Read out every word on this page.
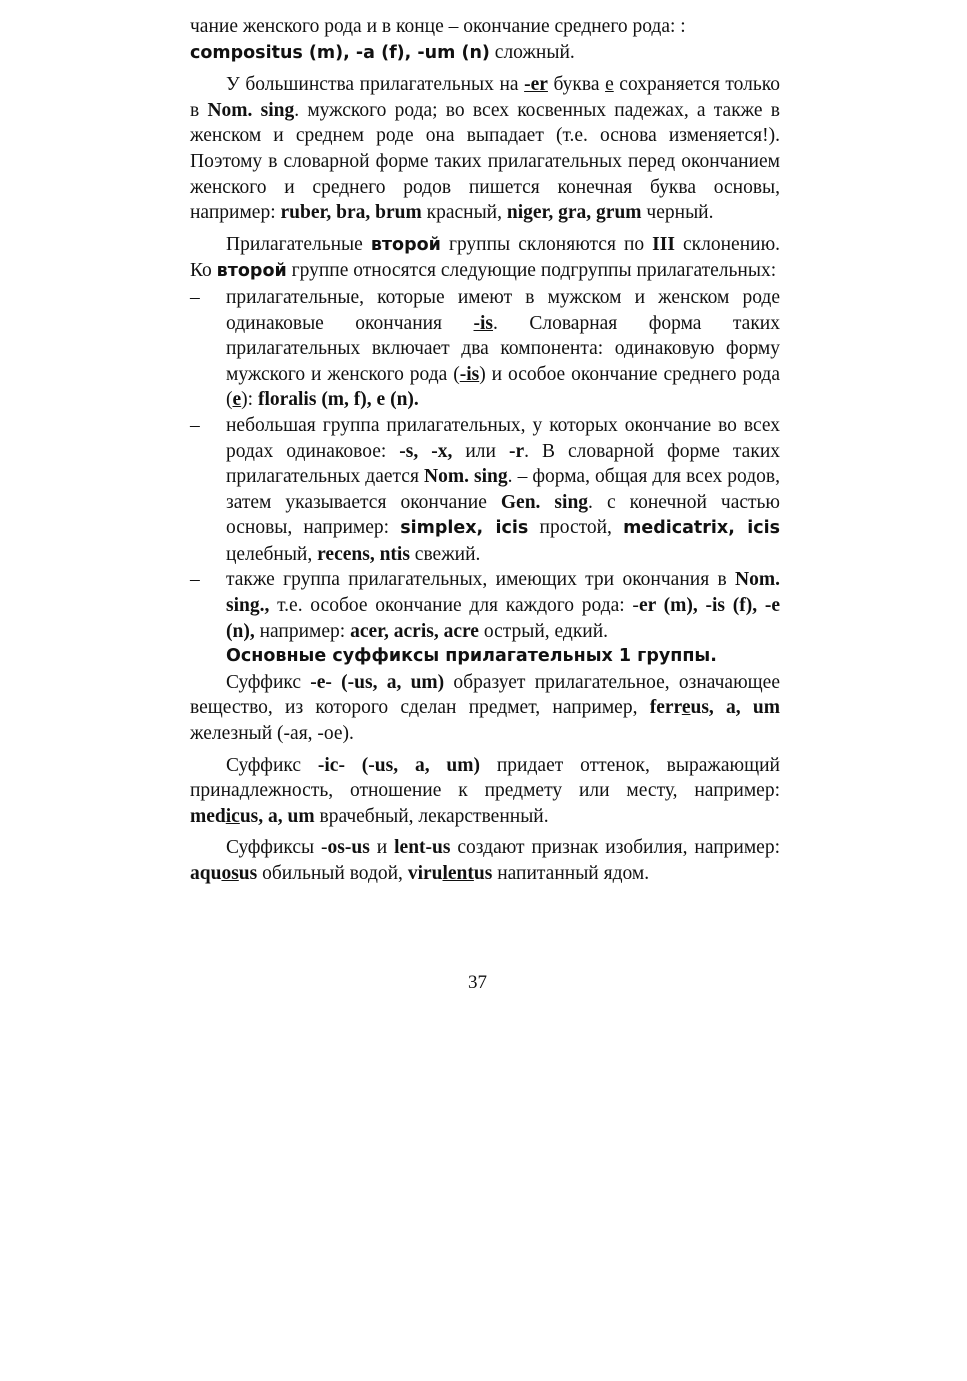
чание женского рода и в конце – окончание среднего рода: :
compositus (m), -a (f), -um (n) сложный.

У большинства прилагательных на -er буква e сохраняется только в Nom. sing. мужского рода; во всех косвенных падежах, а также в женском и среднем роде она выпадает (т.е. основа изменяется!). Поэтому в словарной форме таких прилагательных перед окончанием женского и среднего родов пишется конечная буква основы, например: ruber, bra, brum красный, niger, gra, grum черный.

Прилагательные второй группы склоняются по III склонению. Ко второй группе относятся следующие подгруппы прилагательных:

– прилагательные, которые имеют в мужском и женском роде одинаковые окончания -is. Словарная форма таких прилагательных включает два компонента: одинаковую форму мужского и женского рода (-is) и особое окончание среднего рода (e): floralis (m, f), e (n).

– небольшая группа прилагательных, у которых окончание во всех родах одинаковое: -s, -x, или -r. В словарной форме таких прилагательных дается Nom. sing. – форма, общая для всех родов, затем указывается окончание Gen. sing. с конечной частью основы, например: simplex, icis простой, medicatrix, icis целебный, recens, ntis свежий.

– также группа прилагательных, имеющих три окончания в Nom. sing., т.е. особое окончание для каждого рода: -er (m), -is (f), -e (n), например: acer, acris, acre острый, едкий.

Основные суффиксы прилагательных 1 группы.

Суффикс -e- (-us, a, um) образует прилагательное, означающее вещество, из которого сделан предмет, например, ferreus, a, um железный (-ая, -ое).

Суффикс -ic- (-us, a, um) придает оттенок, выражающий принадлежность, отношение к предмету или месту, например: medicus, a, um врачебный, лекарственный.

Суффиксы -os-us и lent-us создают признак изобилия, например: aquosus обильный водой, virulentus напитанный ядом.

37
